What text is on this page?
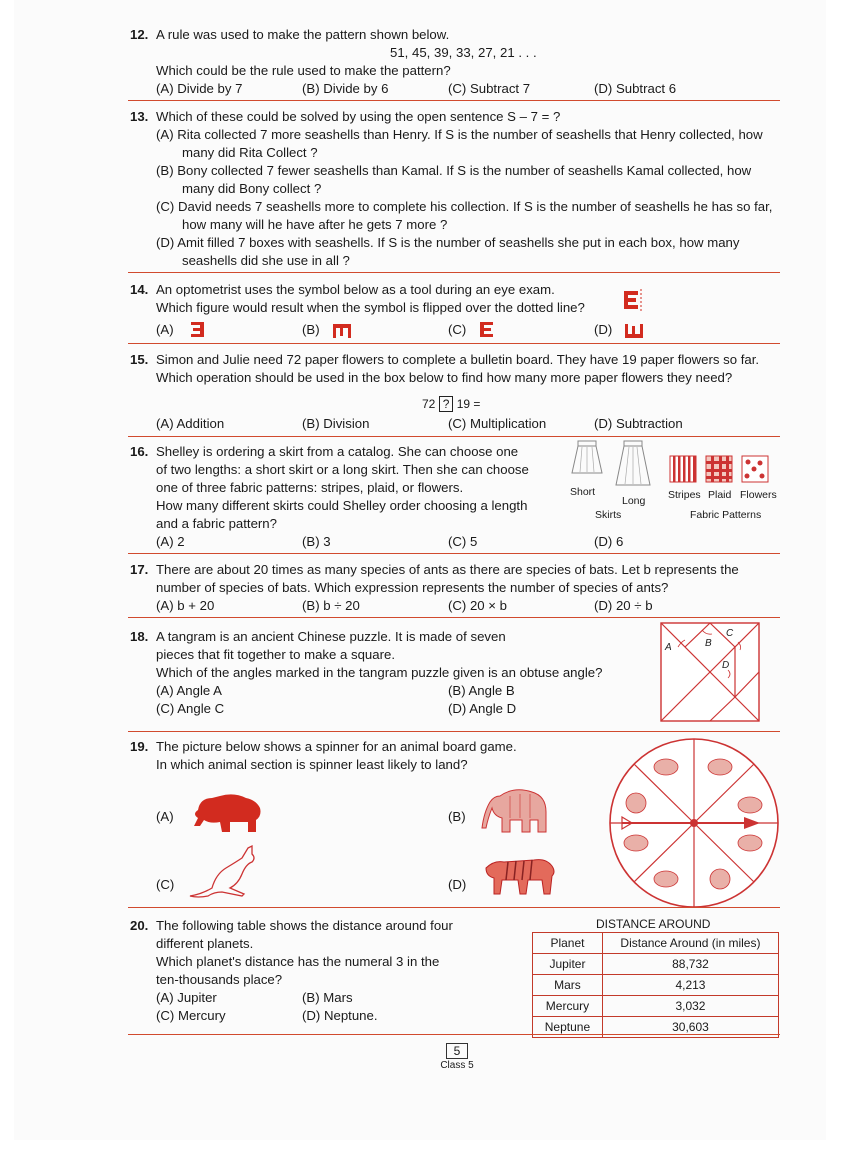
12. A rule was used to make the pattern shown below.
51, 45, 39, 33, 27, 21 . . .
Which could be the rule used to make the pattern?
(A) Divide by 7	(B) Divide by 6	(C) Subtract 7	(D) Subtract 6
13. Which of these could be solved by using the open sentence S – 7 = ?
(A) Rita collected 7 more seashells than Henry. If S is the number of seashells that Henry collected, how many did Rita Collect ?
(B) Bony collected 7 fewer seashells than Kamal. If S is the number of seashells Kamal collected, how many did Bony collect ?
(C) David needs 7 seashells more to complete his collection. If S is the number of seashells he has so far, how many will he have after he gets 7 more ?
(D) Amit filled 7 boxes with seashells. If S is the number of seashells she put in each box, how many seashells did she use in all ?
14. An optometrist uses the symbol below as a tool during an eye exam.
Which figure would result when the symbol is flipped over the dotted line?
(A)	(B)	(C)	(D)
15. Simon and Julie need 72 paper flowers to complete a bulletin board. They have 19 paper flowers so far.
Which operation should be used in the box below to find how many more paper flowers they need?
72 ? 19 =
(A) Addition	(B) Division	(C) Multiplication	(D) Subtraction
16. Shelley is ordering a skirt from a catalog. She can choose one
of two lengths: a short skirt or a long skirt. Then she can choose
one of three fabric patterns: stripes, plaid, or flowers.
How many different skirts could Shelley order choosing a length
and a fabric pattern?
(A) 2	(B) 3	(C) 5	(D) 6
Short
Long
Skirts
Stripes Plaid Flowers
Fabric Patterns
17. There are about 20 times as many species of ants as there are species of bats. Let b represents the number of species of bats. Which expression represents the number of species of ants?
(A) b + 20	(B) b ÷ 20	(C) 20 × b	(D) 20 ÷ b
18. A tangram is an ancient Chinese puzzle. It is made of seven
pieces that fit together to make a square.
Which of the angles marked in the tangram puzzle given is an obtuse angle?
(A) Angle A	(B) Angle B
(C) Angle C	(D) Angle D
A	B
C
D
19. The picture below shows a spinner for an animal board game.
In which animal section is spinner least likely to land?
(A)	(B)
(C)	(D)
20. The following table shows the distance around four
different planets.
Which planet's distance has the numeral 3 in the
ten-thousands place?
(A) Jupiter	(B) Mars
(C) Mercury	(D) Neptune.
DISTANCE AROUND
Planet	Distance Around (in miles)
Jupiter	88,732
Mars	4,213
Mercury	3,032
Neptune	30,603
5
Class 5
